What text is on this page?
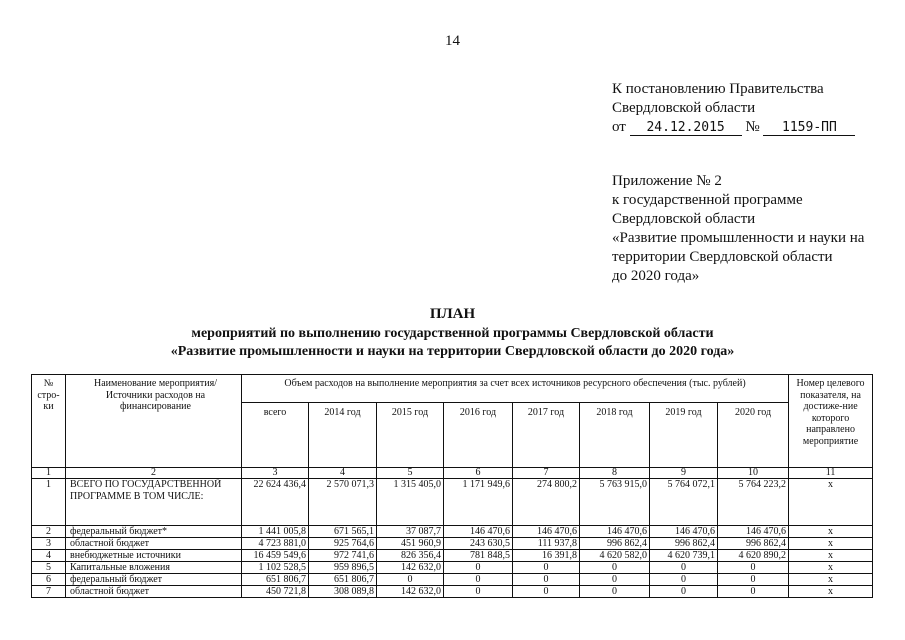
14
К постановлению Правительства
Свердловской области
от 24.12.2015 № 1159-ПП
Приложение № 2
к государственной программе
Свердловской области
«Развитие промышленности и науки на
территории Свердловской области
до 2020 года»
ПЛАН
мероприятий по выполнению государственной программы Свердловской области
«Развитие промышленности и науки на территории Свердловской области до 2020 года»
№ стро-ки	Наименование мероприятия/ Источники расходов на финансирование	Объем расходов на выполнение мероприятия за счет всех источников ресурсного обеспечения (тыс. рублей)								Номер целевого показателя, на достиже-ние которого направлено мероприятие
		всего	2014 год	2015 год	2016 год	2017 год	2018 год	2019 год	2020 год	
1	2	3	4	5	6	7	8	9	10	11
1	ВСЕГО ПО ГОСУДАРСТВЕННОЙ ПРОГРАММЕ В ТОМ ЧИСЛЕ:	22 624 436,4	2 570 071,3	1 315 405,0	1 171 949,6	274 800,2	5 763 915,0	5 764 072,1	5 764 223,2	x
2	федеральный бюджет*	1 441 005,8	671 565,1	37 087,7	146 470,6	146 470,6	146 470,6	146 470,6	146 470,6	x
3	областной бюджет	4 723 881,0	925 764,6	451 960,9	243 630,5	111 937,8	996 862,4	996 862,4	996 862,4	x
4	внебюджетные источники	16 459 549,6	972 741,6	826 356,4	781 848,5	16 391,8	4 620 582,0	4 620 739,1	4 620 890,2	x
5	Капитальные вложения	1 102 528,5	959 896,5	142 632,0	0	0	0	0	0	x
6	федеральный бюджет	651 806,7	651 806,7	0	0	0	0	0	0	x
7	областной бюджет	450 721,8	308 089,8	142 632,0	0	0	0	0	0	x
